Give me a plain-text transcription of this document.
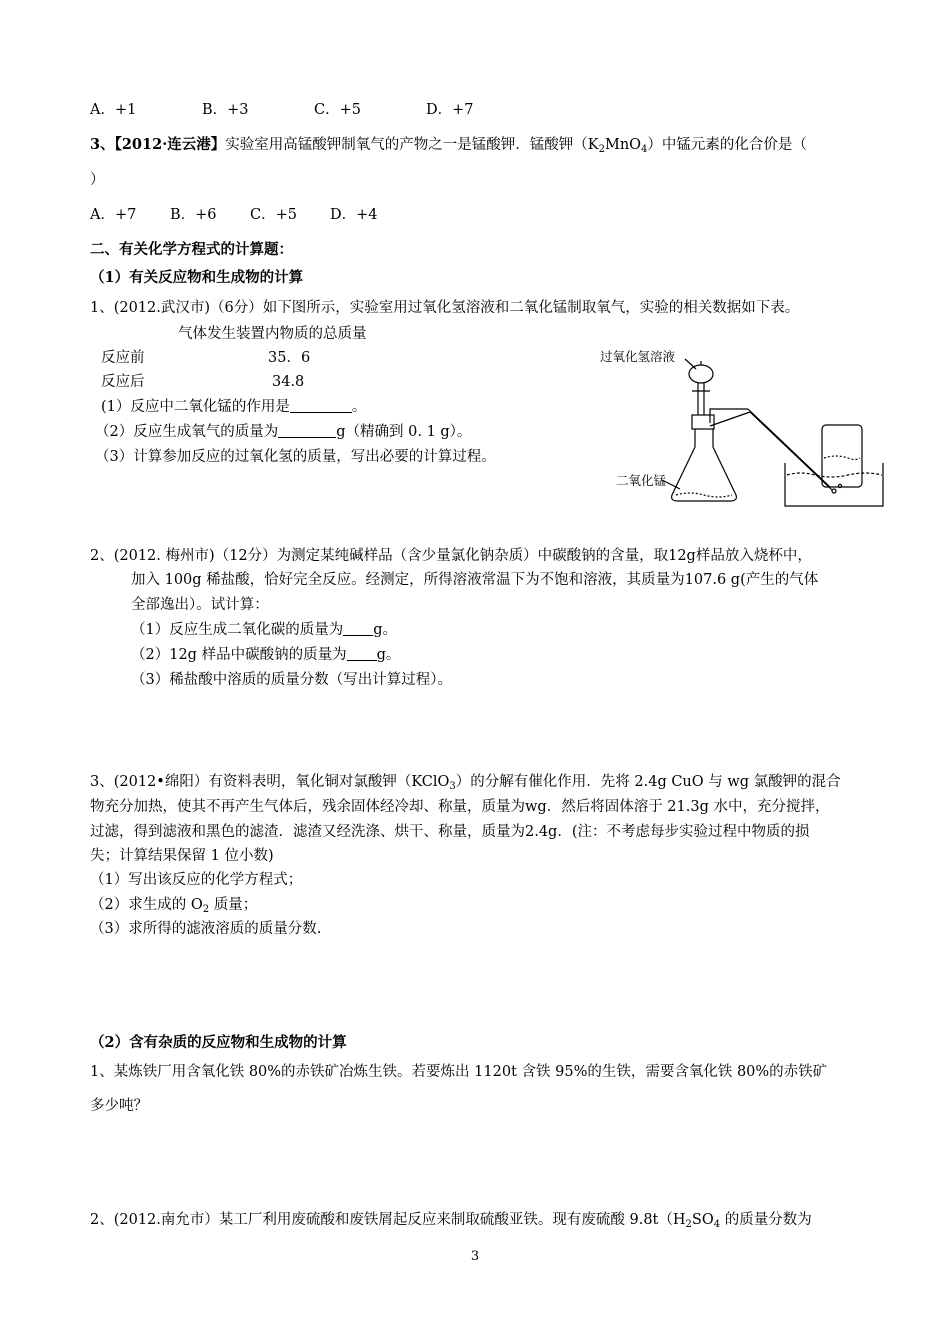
A．+1	B．+3	C．+5	D．+7
3、【2012·连云港】实验室用高锰酸钾制氧气的产物之一是锰酸钾．锰酸钾$(K_2MnO_4)$中锰元素的化合价是（
）
A．+7 B．+6 C．+5 D．+4
二、有关化学方程式的计算题：
（1）有关反应物和生成物的计算
1、(2012.武汉市)（6分）如下图所示，实验室用过氧化氢溶液和二氧化锰制取氧气，实验的相关数据如下表。
气体发生装置内物质的总质量
反应前	35．6
反应后	34.8
(1）反应中二氧化锰的作用是	。
（2）反应生成氧气的质量为	g（精确到 0. 1 g）。
（3）计算参加反应的过氧化氢的质量，写出必要的计算过程。
过氧化氢溶液
二氧化锰
2、(2012. 梅州市)（12分）为测定某纯碱样品（含少量氯化钠杂质）中碳酸钠的含量，取12g样品放入烧杯中，
加入 100g 稀盐酸，恰好完全反应。经测定，所得溶液常温下为不饱和溶液，其质量为107.6 g(产生的气体
全部逸出）。试计算：
（1）反应生成二氧化碳的质量为 g。
（2）12g 样品中碳酸钠的质量为 g。
（3）稀盐酸中溶质的质量分数（写出计算过程）。
3、(2012•绵阳）有资料表明，氧化铜对氯酸钾（KClO$_3$）的分解有催化作用．先将 2.4g CuO 与 wg 氯酸钾的混合
物充分加热，使其不再产生气体后，残余固体经冷却、称量，质量为wg．然后将固体溶于 21.3g 水中，充分搅拌，
过滤，得到滤液和黑色的滤渣．滤渣又经洗涤、烘干、称量，质量为2.4g．(注：不考虑每步实验过程中物质的损
失；计算结果保留 1 位小数)
（1）写出该反应的化学方程式；
（2）求生成的 $O_2$ 质量；
（3）求所得的滤液溶质的质量分数.
（2）含有杂质的反应物和生成物的计算
1、某炼铁厂用含氧化铁 80%的赤铁矿冶炼生铁。若要炼出 1120t 含铁 95%的生铁，需要含氧化铁 80%的赤铁矿
多少吨？
2、(2012.南允市）某工厂利用废硫酸和废铁屑起反应来制取硫酸亚铁。现有废硫酸 $9.8t(H_2SO_4$ 的质量分数为
3
